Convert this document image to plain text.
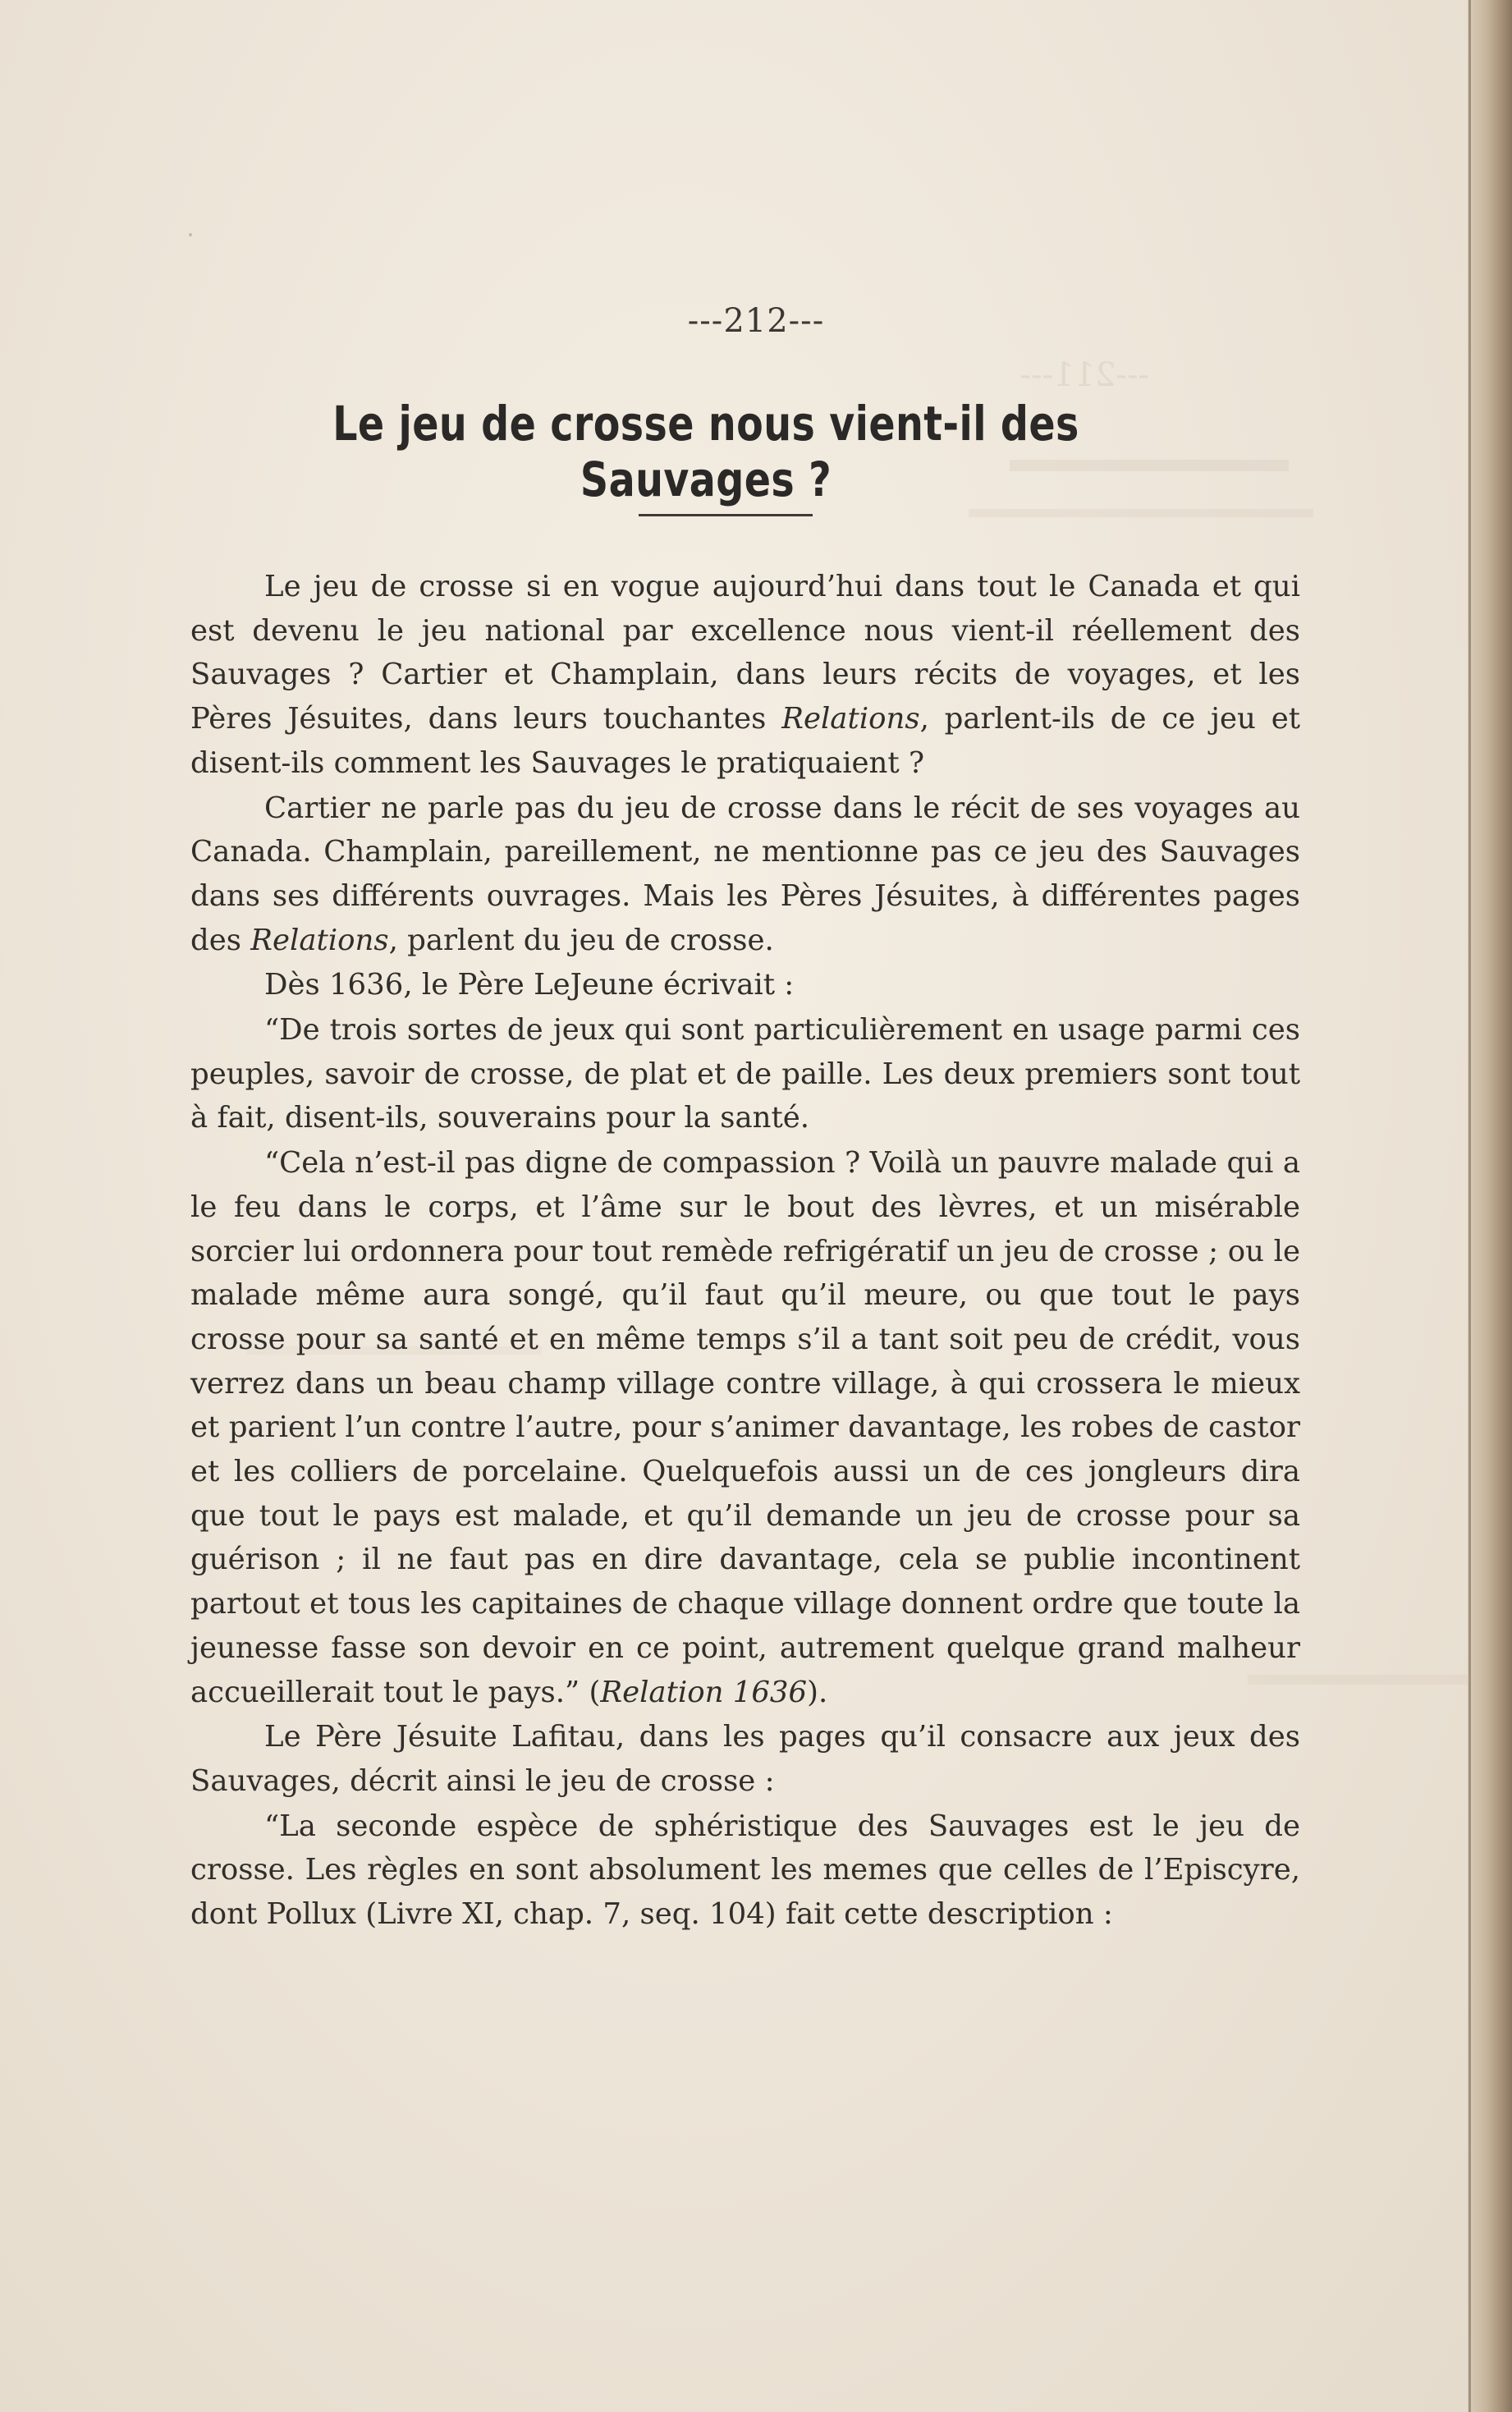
---211---
---212---
Le jeu de crosse nous vient-il des Sauvages ?

Le jeu de crosse si en vogue aujourd’hui dans tout le Canada et qui est devenu le jeu national par excellence nous vient-il réellement des Sauvages ? Cartier et Champlain, dans leurs récits de voyages, et les Pères Jésuites, dans leurs touchantes Relations, parlent-ils de ce jeu et disent-ils comment les Sauvages le pratiquaient ?

Cartier ne parle pas du jeu de crosse dans le récit de ses voyages au Canada. Champlain, pareillement, ne mentionne pas ce jeu des Sauvages dans ses différents ouvrages. Mais les Pères Jésuites, à différentes pages des Relations, parlent du jeu de crosse.

Dès 1636, le Père LeJeune écrivait :

“De trois sortes de jeux qui sont particulièrement en usage parmi ces peuples, savoir de crosse, de plat et de paille. Les deux premiers sont tout à fait, disent-ils, souverains pour la santé.

“Cela n’est-il pas digne de compassion ? Voilà un pauvre malade qui a le feu dans le corps, et l’âme sur le bout des lèvres, et un misérable sorcier lui ordonnera pour tout remède refrigératif un jeu de crosse ; ou le malade même aura songé, qu’il faut qu’il meure, ou que tout le pays crosse pour sa santé et en même temps s’il a tant soit peu de crédit, vous verrez dans un beau champ village contre village, à qui crossera le mieux et parient l’un contre l’autre, pour s’animer davantage, les robes de castor et les colliers de porcelaine. Quelquefois aussi un de ces jongleurs dira que tout le pays est malade, et qu’il demande un jeu de crosse pour sa guérison ; il ne faut pas en dire davantage, cela se publie incontinent partout et tous les capitaines de chaque village donnent ordre que toute la jeunesse fasse son devoir en ce point, autrement quelque grand malheur accueillerait tout le pays.” (Relation 1636).

Le Père Jésuite Lafitau, dans les pages qu’il consacre aux jeux des Sauvages, décrit ainsi le jeu de crosse :

“La seconde espèce de sphéristique des Sauvages est le jeu de crosse. Les règles en sont absolument les memes que celles de l’Episcyre, dont Pollux (Livre XI, chap. 7, seq. 104) fait cette description :
